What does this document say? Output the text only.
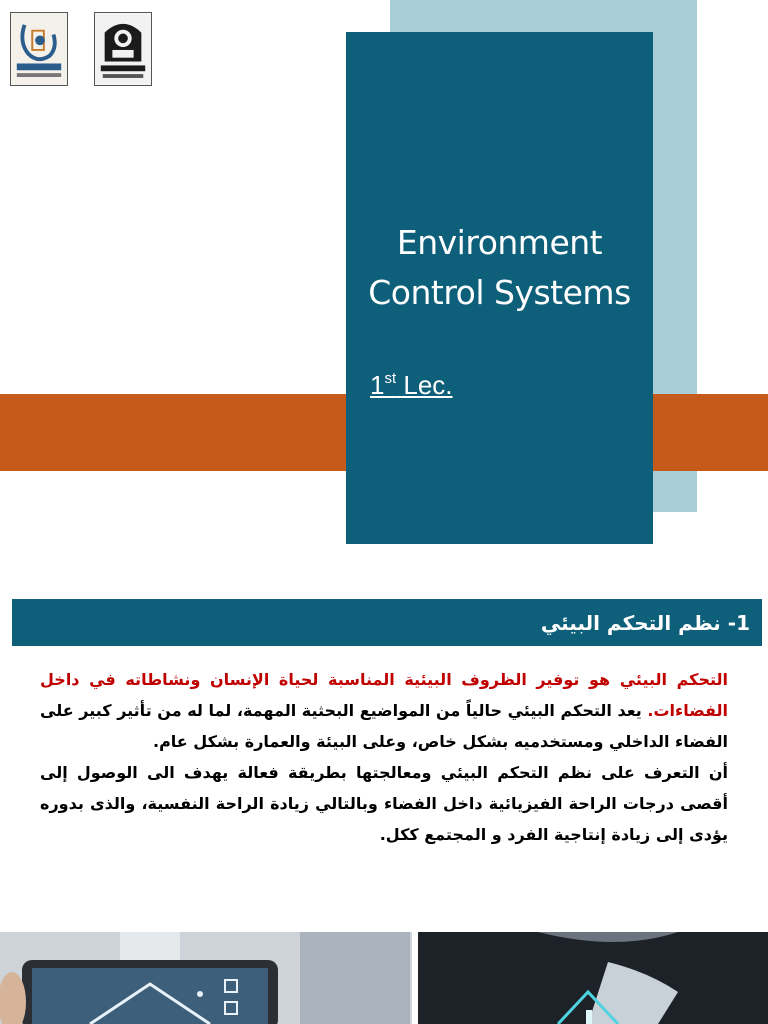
Environment
Control Systems
1st Lec.
1- نظم التحكم البيئي

التحكم البيئي هو توفير الظروف البيئية المناسبة لحياة الإنسان ونشاطاته في داخل الفضاءات. يعد التحكم البيئي حالياً من المواضيع البحثية المهمة، لما له من تأثير كبير على الفضاء الداخلي ومستخدميه بشكل خاص، وعلى البيئة والعمارة بشكل عام.

أن التعرف على نظم التحكم البيئي ومعالجتها بطريقة فعالة يهدف الى الوصول إلى أقصى درجات الراحة الفيزيائية داخل الفضاء وبالتالي زيادة الراحة النفسية، والذى بدوره يؤدى إلى زيادة إنتاجية الفرد و المجتمع ككل.
